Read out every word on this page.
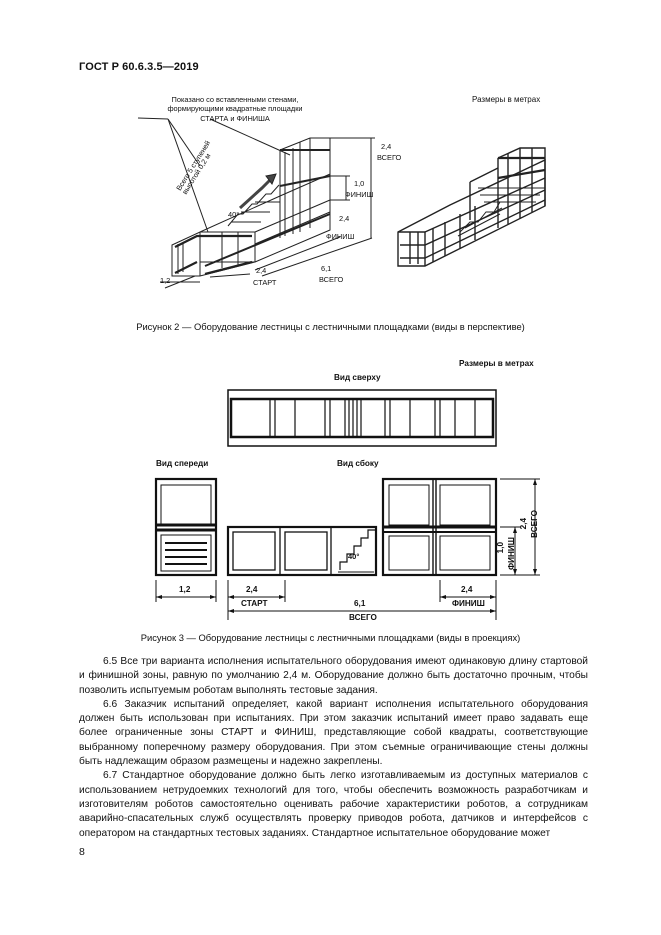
ГОСТ Р 60.6.3.5—2019
Показано со вставленными стенами,
формирующими квадратные площадки
СТАРТА и ФИНИША
Размеры в метрах
Всего 5 ступеней высотой 0,2 м
40°
2,4
ВСЕГО
1,0
ФИНИШ
2,4
ФИНИШ
6,1
ВСЕГО
2,4
СТАРТ
1,2
Рисунок 2 — Оборудование лестницы с лестничными площадками (виды в перспективе)
Размеры в метрах
Вид сверху
Вид спереди	Вид сбоку
40°
1,2	2,4
СТАРТ
2,4
ФИНИШ
6,1
ВСЕГО
1,0 ФИНИШ
2,4 ВСЕГО
Рисунок 3 — Оборудование лестницы с лестничными площадками (виды в проекциях)

6.5 Все три варианта исполнения испытательного оборудования имеют одинаковую длину стартовой и финишной зоны, равную по умолчанию 2,4 м. Оборудование должно быть достаточно прочным, чтобы позволить испытуемым роботам выполнять тестовые задания.

6.6 Заказчик испытаний определяет, какой вариант исполнения испытательного оборудования должен быть использован при испытаниях. При этом заказчик испытаний имеет право задавать еще более ограниченные зоны СТАРТ и ФИНИШ, представляющие собой квадраты, соответствующие выбранному поперечному размеру оборудования. При этом съемные ограничивающие стены должны быть надлежащим образом размещены и надежно закреплены.

6.7 Стандартное оборудование должно быть легко изготавливаемым из доступных материалов с использованием нетрудоемких технологий для того, чтобы обеспечить возможность разработчикам и изготовителям роботов самостоятельно оценивать рабочие характеристики роботов, а сотрудникам аварийно-спасательных служб осуществлять проверку приводов робота, датчиков и интерфейсов с оператором на стандартных тестовых заданиях. Стандартное испытательное оборудование может

8
